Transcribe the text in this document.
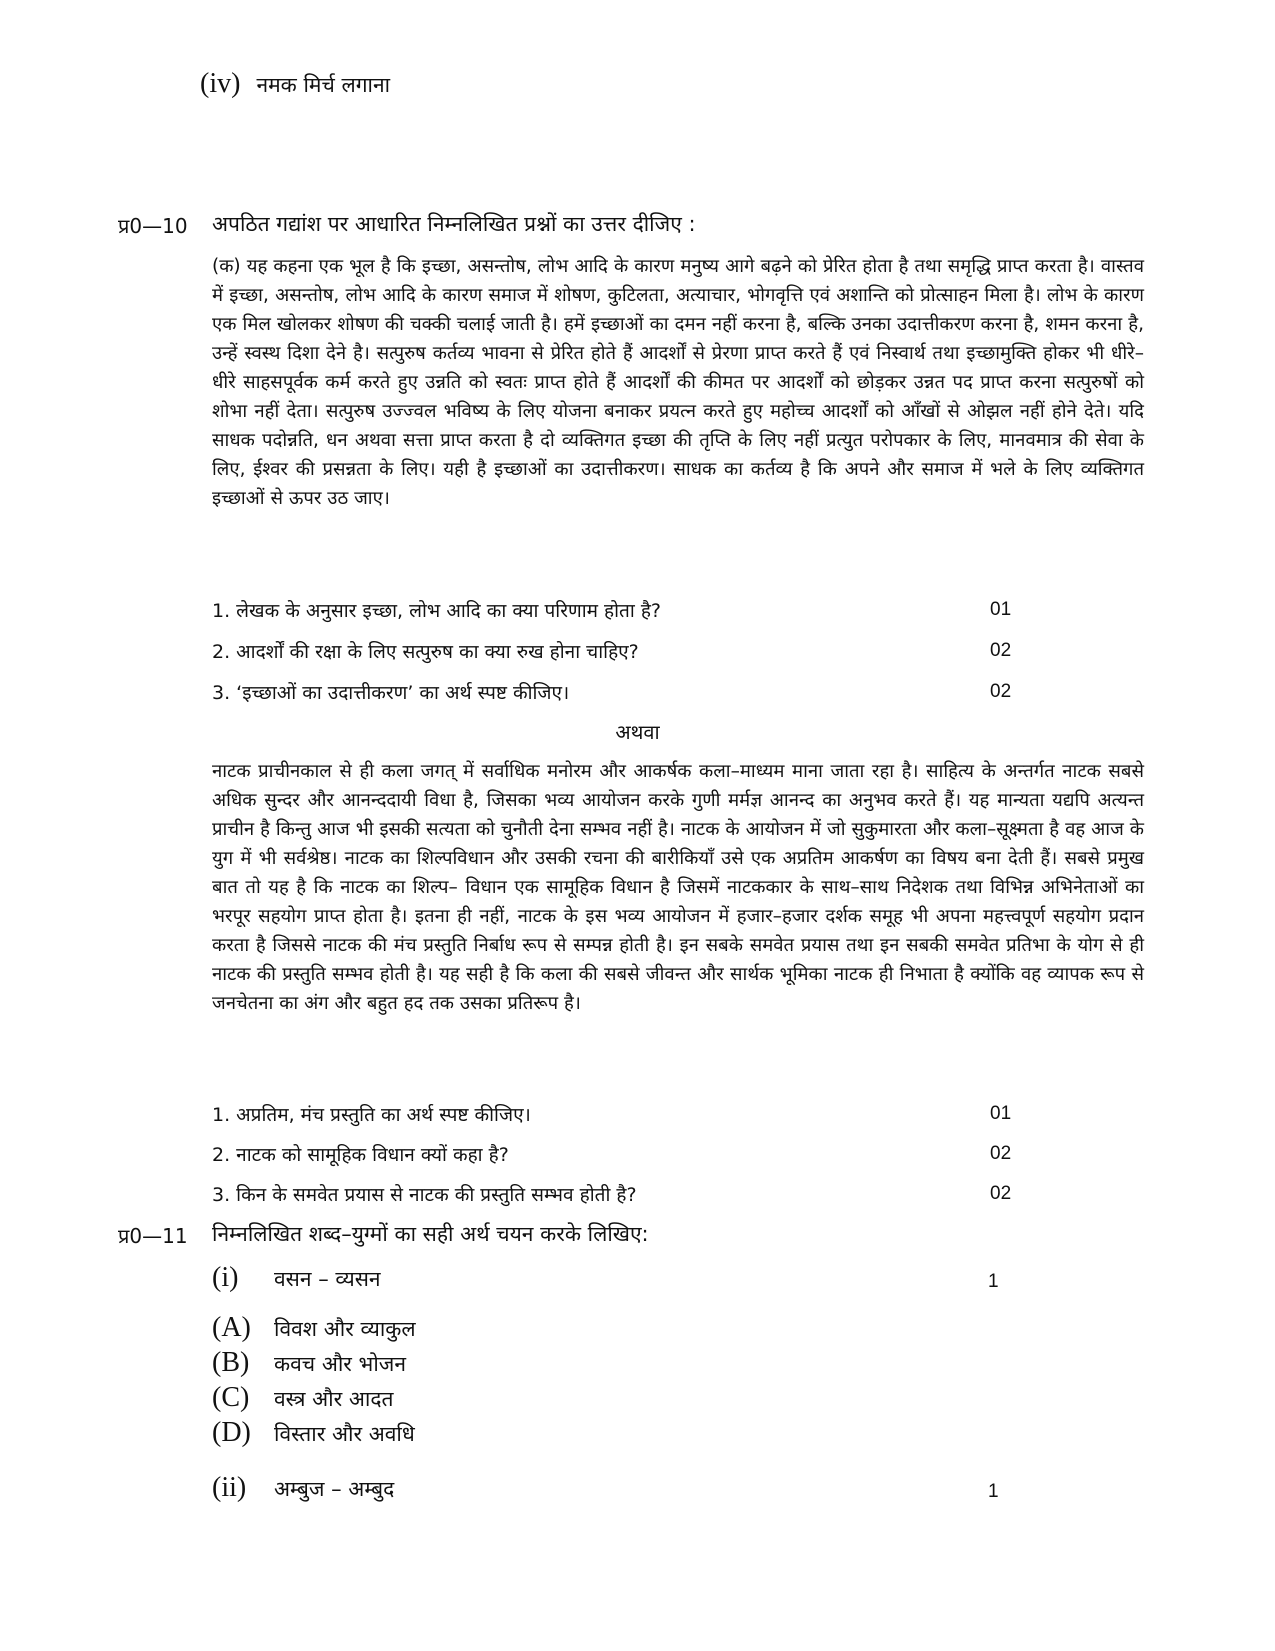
(iv) नमक मिर्च लगाना
प्र0—10 अपठित गद्यांश पर आधारित निम्नलिखित प्रश्नों का उत्तर दीजिए :

(क) यह कहना एक भूल है कि इच्छा, असन्तोष, लोभ आदि के कारण मनुष्य आगे बढ़ने को प्रेरित होता है तथा समृद्धि प्राप्त करता है। वास्तव में इच्छा, असन्तोष, लोभ आदि के कारण समाज में शोषण, कुटिलता, अत्याचार, भोगवृत्ति एवं अशान्ति को प्रोत्साहन मिला है। लोभ के कारण एक मिल खोलकर शोषण की चक्की चलाई जाती है। हमें इच्छाओं का दमन नहीं करना है, बल्कि उनका उदात्तीकरण करना है, शमन करना है, उन्हें स्वस्थ दिशा देने है। सत्पुरुष कर्तव्य भावना से प्रेरित होते हैं आदर्शों से प्रेरणा प्राप्त करते हैं एवं निस्वार्थ तथा इच्छामुक्ति होकर भी धीरे–धीरे साहसपूर्वक कर्म करते हुए उन्नति को स्वतः प्राप्त होते हैं आदर्शों की कीमत पर आदर्शों को छोड़कर उन्नत पद प्राप्त करना सत्पुरुषों को शोभा नहीं देता। सत्पुरुष उज्ज्वल भविष्य के लिए योजना बनाकर प्रयत्न करते हुए महोच्च आदर्शों को आँखों से ओझल नहीं होने देते। यदि साधक पदोन्नति, धन अथवा सत्ता प्राप्त करता है दो व्यक्तिगत इच्छा की तृप्ति के लिए नहीं प्रत्युत परोपकार के लिए, मानवमात्र की सेवा के लिए, ईश्वर की प्रसन्नता के लिए। यही है इच्छाओं का उदात्तीकरण। साधक का कर्तव्य है कि अपने और समाज में भले के लिए व्यक्तिगत इच्छाओं से ऊपर उठ जाए।

1. लेखक के अनुसार इच्छा, लोभ आदि का क्या परिणाम होता है?	01
2. आदर्शों की रक्षा के लिए सत्पुरुष का क्या रुख होना चाहिए?	02
3. ‘इच्छाओं का उदात्तीकरण’ का अर्थ स्पष्ट कीजिए।	02
अथवा

नाटक प्राचीनकाल से ही कला जगत् में सर्वाधिक मनोरम और आकर्षक कला–माध्यम माना जाता रहा है। साहित्य के अन्तर्गत नाटक सबसे अधिक सुन्दर और आनन्ददायी विधा है, जिसका भव्य आयोजन करके गुणी मर्मज्ञ आनन्द का अनुभव करते हैं। यह मान्यता यद्यपि अत्यन्त प्राचीन है किन्तु आज भी इसकी सत्यता को चुनौती देना सम्भव नहीं है। नाटक के आयोजन में जो सुकुमारता और कला–सूक्ष्मता है वह आज के युग में भी सर्वश्रेष्ठ। नाटक का शिल्पविधान और उसकी रचना की बारीकियाँ उसे एक अप्रतिम आकर्षण का विषय बना देती हैं। सबसे प्रमुख बात तो यह है कि नाटक का शिल्प– विधान एक सामूहिक विधान है जिसमें नाटककार के साथ–साथ निदेशक तथा विभिन्न अभिनेताओं का भरपूर सहयोग प्राप्त होता है। इतना ही नहीं, नाटक के इस भव्य आयोजन में हजार–हजार दर्शक समूह भी अपना महत्त्वपूर्ण सहयोग प्रदान करता है जिससे नाटक की मंच प्रस्तुति निर्बाध रूप से सम्पन्न होती है। इन सबके समवेत प्रयास तथा इन सबकी समवेत प्रतिभा के योग से ही नाटक की प्रस्तुति सम्भव होती है। यह सही है कि कला की सबसे जीवन्त और सार्थक भूमिका नाटक ही निभाता है क्योंकि वह व्यापक रूप से जनचेतना का अंग और बहुत हद तक उसका प्रतिरूप है।

1. अप्रतिम, मंच प्रस्तुति का अर्थ स्पष्ट कीजिए।	01
2. नाटक को सामूहिक विधान क्यों कहा है?	02
3. किन के समवेत प्रयास से नाटक की प्रस्तुति सम्भव होती है?	02
प्र0—11 निम्नलिखित शब्द–युग्मों का सही अर्थ चयन करके लिखिए:
(i) वसन – व्यसन	1
(A) विवश और व्याकुल
(B) कवच और भोजन
(C) वस्त्र और आदत
(D) विस्तार और अवधि
(ii) अम्बुज – अम्बुद	1
